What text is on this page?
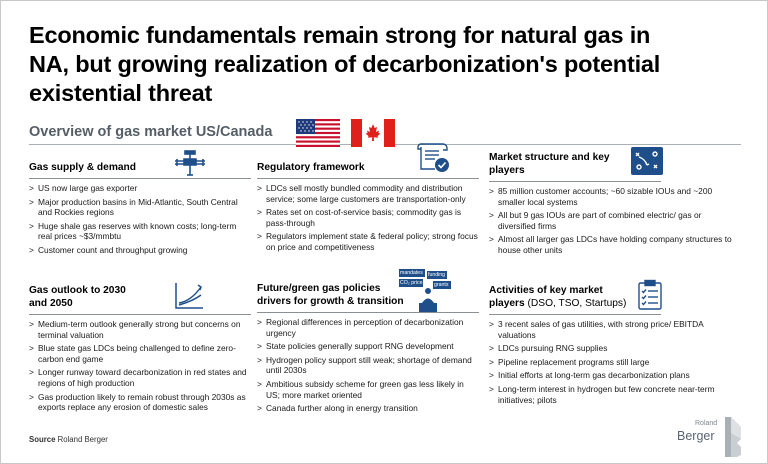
Economic fundamentals remain strong for natural gas in NA, but growing realization of decarbonization's potential existential threat
Overview of gas market US/Canada
Gas supply & demand
> US now large gas exporter
> Major production basins in Mid-Atlantic, South Central and Rockies regions
> Huge shale gas reserves with known costs; long-term real prices ~$3/mmbtu
> Customer count and throughput growing
Regulatory framework
> LDCs sell mostly bundled commodity and distribution service; some large customers are transportation-only
> Rates set on cost-of-service basis; commodity gas is pass-through
> Regulators implement state & federal policy; strong focus on price and competitiveness
Market structure and key players
> 85 million customer accounts; ~60 sizable IOUs and ~200 smaller local systems
> All but 9 gas IOUs are part of combined electric/ gas or diversified firms
> Almost all larger gas LDCs have holding company structures to house other units
Gas outlook to 2030 and 2050
> Medium-term outlook generally strong but concerns on terminal valuation
> Blue state gas LDCs being challenged to define zero-carbon end game
> Longer runway toward decarbonization in red states and regions of high production
> Gas production likely to remain robust through 2030s as exports replace any erosion of domestic sales
Future/green gas policies drivers for growth & transition
> Regional differences in perception of decarbonization urgency
> State policies generally support RNG development
> Hydrogen policy support still weak; shortage of demand until 2030s
> Ambitious subsidy scheme for green gas less likely in US; more market oriented
> Canada further along in energy transition
mandates funding
CO₂ price grants	Activities of key market players (DSO, TSO, Startups)
> 3 recent sales of gas utilities, with strong price/ EBITDA valuations
> LDCs pursuing RNG supplies
> Pipeline replacement programs still large
> Initial efforts at long-term gas decarbonization plans
> Long-term interest in hydrogen but few concrete near-term initiatives; pilots
Source Roland Berger
Roland
Berger
